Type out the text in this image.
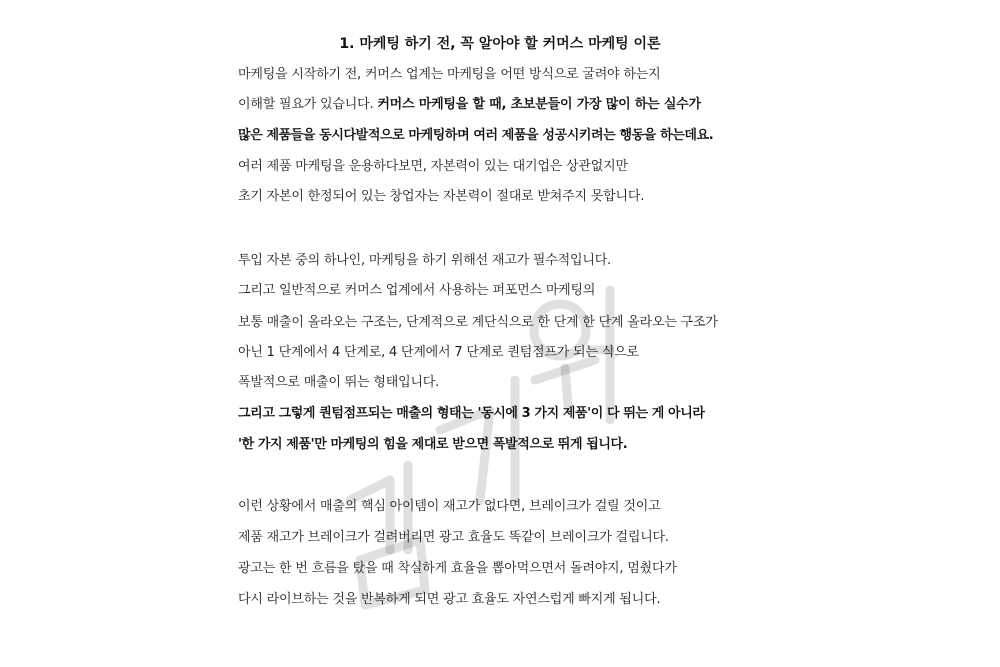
1. 마케팅 하기 전, 꼭 알아야 할 커머스 마케팅 이론
마케팅을 시작하기 전, 커머스 업계는 마케팅을 어떤 방식으로 굴려야 하는지
이해할 필요가 있습니다. 커머스 마케팅을 할 때, 초보분들이 가장 많이 하는 실수가
많은 제품들을 동시다발적으로 마케팅하며 여러 제품을 성공시키려는 행동을 하는데요.
여러 제품 마케팅을 운용하다보면, 자본력이 있는 대기업은 상관없지만
초기 자본이 한정되어 있는 창업자는 자본력이 절대로 받쳐주지 못합니다.
투입 자본 중의 하나인, 마케팅을 하기 위해선 재고가 필수적입니다.
그리고 일반적으로 커머스 업계에서 사용하는 퍼포먼스 마케팅의
보통 매출이 올라오는 구조는, 단계적으로 계단식으로 한 단계 한 단계 올라오는 구조가
아닌 1 단계에서 4 단계로, 4 단계에서 7 단계로 퀀텀점프가 되는 식으로
폭발적으로 매출이 뛰는 형태입니다.
그리고 그렇게 퀀텀점프되는 매출의 형태는 '동시에 3 가지 제품'이 다 뛰는 게 아니라
'한 가지 제품'만 마케팅의 힘을 제대로 받으면 폭발적으로 뛰게 됩니다.
이런 상황에서 매출의 핵심 아이템이 재고가 없다면, 브레이크가 걸릴 것이고
제품 재고가 브레이크가 걸려버리면 광고 효율도 똑같이 브레이크가 걸립니다.
광고는 한 번 흐름을 탔을 때 착실하게 효율을 뽑아먹으면서 돌려야지, 멈췄다가
다시 라이브하는 것을 반복하게 되면 광고 효율도 자연스럽게 빠지게 됩니다.
